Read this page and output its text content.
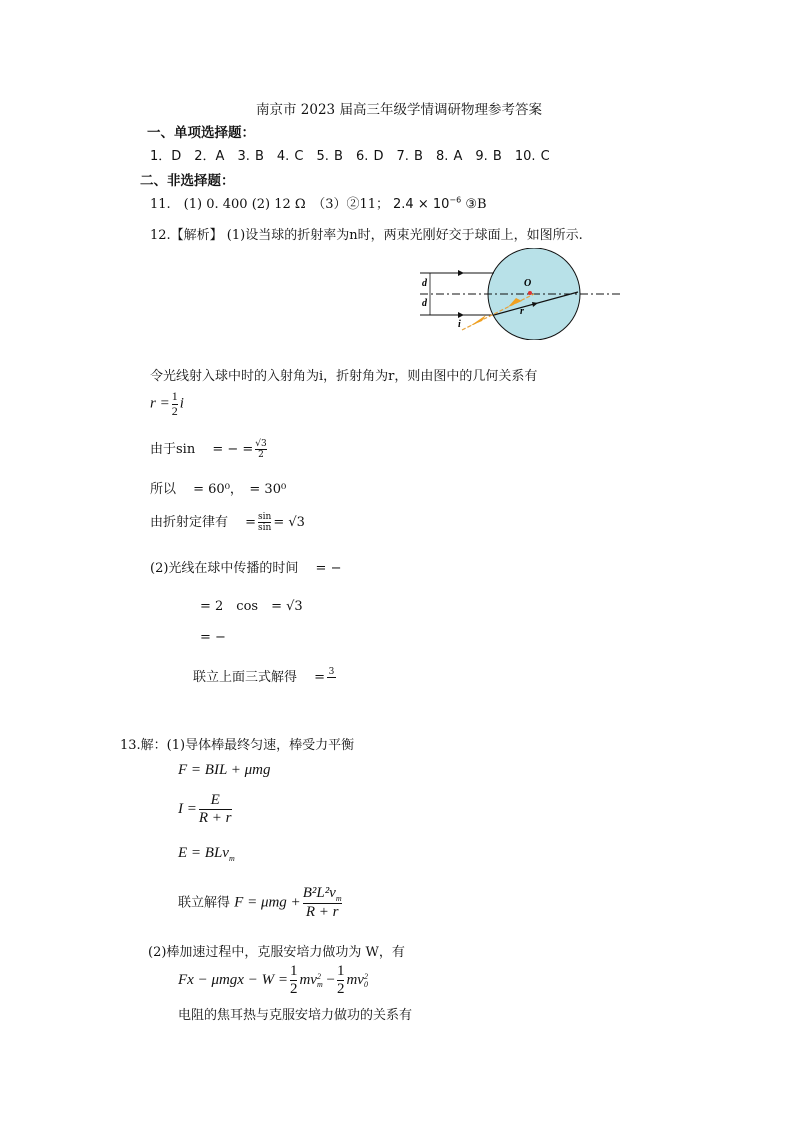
南京市 2023 届高三年级学情调研物理参考答案
一、单项选择题：
1．D　2．A　3. B　4. C　5. B　6. D　7. B　8. A　9. B　10. C
二、非选择题：
11.　(1) 0. 400 (2) 12 Ω　（3）②11； $2.4 \times 10^{-6}$ ③B
12.【解析】 (1)设当球的折射率为n时，两束光刚好交于球面上，如图所示.
d
d
O
r
i
令光线射入球中时的入射角为i，折射角为r，则由图中的几何关系有
$r = \frac{1}{2}$ i
由于sin 　= − = $\frac{√3}{2}$
所以 　= 60⁰，　= 30⁰
由折射定律有 　= $\frac{\sin}{\sin} = √3$
(2)光线在球中传播的时间 　= −
= 2　cos　= √3
= −
联立上面三式解得 　= 3

13.解：(1)导体棒最终匀速，棒受力平衡
F = BIL + μmg
$I = \frac{E}{R + r}$
E = BLv$_m$
联立解得 $F = \mu mg + \frac{B^2L^2v_m}{R + r}$
(2)棒加速过程中，克服安培力做功为 W，有
$Fx - \mu mgx - W = \frac{1}{2}$ mv 2
$m - \frac{1}{2}$ mv 2
0
电阻的焦耳热与克服安培力做功的关系有
